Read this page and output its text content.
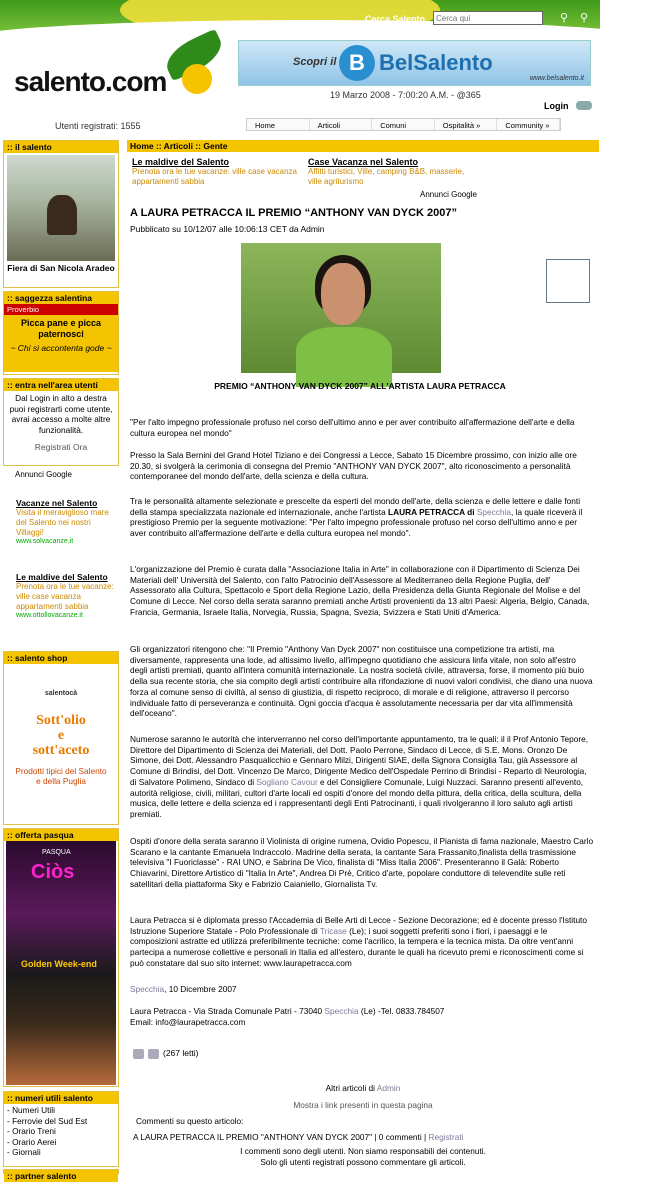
salento.com
Cerca Salento
Cerca qui	⚲ ⚲
Scopri il B BelSalento
www.belsalento.it
19 Marzo 2008 - 7:00:20 A.M. - @365
Login
Utenti registrati: 1555	Home	Articoli	Comuni	Ospitalità »	Community »
:: il salento
Fiera di San Nicola Aradeo
:: saggezza salentina
Proverbio
Picca pane e picca paternosci
~ Chi si accontenta gode ~
:: entra nell'area utenti
Dal Login in alto a destra puoi registrarti come utente, avrai accesso a molte altre funzionalità.
Registrati Ora
Annunci Google
Vacanze nel Salento
Visita il meraviglioso mare del Salento nei nostri Villaggi!
www.solvacanze.it
Le maldive del Salento
Prenota ora le tue vacanze: ville case vacanza appartamenti sabbia
www.ottollovacanze.it
:: salento shop
salentocà
Sott'olio
e
sott'aceto
Prodotti tipici del Salento e della Puglia
:: offerta pasqua
PASQUA
Ciòs
Golden Week-end
:: numeri utili salento
- Numeri Utili
- Ferrovie del Sud Est
- Orario Treni
- Orario Aerei
- Giornali
:: partner salento
Home :: Articoli :: Gente
Le maldive del Salento
Prenota ora le tue vacanze: ville case vacanza appartamenti sabbia
Case Vacanza nel Salento
Affitti turistici, Ville, camping B&B, masserie, ville agriturismo
Annunci Google
A LAURA PETRACCA IL PREMIO “ANTHONY VAN DYCK 2007”
Pubblicato su 10/12/07 alle 10:06:13 CET da Admin
PREMIO “ANTHONY VAN DYCK 2007” ALL'ARTISTA LAURA PETRACCA
"Per l'alto impegno professionale profuso nel corso dell'ultimo anno e per aver contribuito all'affermazione dell'arte e della cultura europea nel mondo"
Presso la Sala Bernini del Grand Hotel Tiziano e dei Congressi a Lecce, Sabato 15 Dicembre prossimo, con inizio alle ore 20.30, si svolgerà la cerimonia di consegna del Premio "ANTHONY VAN DYCK 2007", alto riconoscimento a personalità contemporanee del mondo dell'arte, della scienza e della cultura.
Tra le personalità altamente selezionate e prescelte da esperti del mondo dell'arte, della scienza e delle lettere e dalle fonti della stampa specializzata nazionale ed internazionale, anche l'artista LAURA PETRACCA di Specchia, la quale riceverà il prestigioso Premio per la seguente motivazione: "Per l'alto impegno professionale profuso nel corso dell'ultimo anno e per aver contribuito all'affermazione dell'arte e della cultura europea nel mondo".
L'organizzazione del Premio è curata dalla "Associazione Italia in Arte" in collaborazione con il Dipartimento di Scienza Dei Materiali dell' Università del Salento, con l'alto Patrocinio dell'Assessore al Mediterraneo della Regione Puglia, dell' Assessorato alla Cultura, Spettacolo e Sport della Regione Lazio, della Presidenza della Giunta Regionale del Molise e del Comune di Lecce. Nel corso della serata saranno premiati anche Artisti provenienti da 13 altri Paesi: Algeria, Belgio, Canada, Francia, Germania, Israele Italia, Norvegia, Russia, Spagna, Svezia, Svizzera e Stati Uniti d'America.
Gli organizzatori ritengono che: "Il Premio "Anthony Van Dyck 2007" non costituisce una competizione tra artisti, ma diversamente, rappresenta una lode, ad altissimo livello, all'impegno quotidiano che assicura linfa vitale, non solo all'estro degli artisti premiati, quanto all'intera comunità internazionale. La nostra società civile, attraversa, forse, il momento più buio della sua recente storia, che sia compito degli artisti contribuire alla rifondazione di nuovi valori condivisi, che diano una nuova forza al comune senso di civiltà, al senso di giustizia, di rispetto reciproco, di morale e di religione, attraverso il percorso individuale fatto di perseveranza e continuità. Ogni goccia d'acqua è assolutamente necessaria per dar vita all'immensità dell'oceano".
Numerose saranno le autorità che interverranno nel corso dell'importante appuntamento, tra le quali: il il Prof Antonio Tepore, Direttore del Dipartimento di Scienza dei Materiali, del Dott. Paolo Perrone, Sindaco di Lecce, di S.E. Mons. Oronzo De Simone, dei Dott. Alessandro Pasqualicchio e Gennaro Milzi, Dirigenti SIAE, della Signora Consiglia Tau, già Assessore al Comune di Brindisi, del Dott. Vincenzo De Marco, Dirigente Medico dell'Ospedale Perrino di Brindisi - Reparto di Neurologia, di Salvatore Polimeno, Sindaco di Sogliano Cavour e del Consigliere Comunale, Luigi Nuzzaci. Saranno presenti all'evento, autorità religiose, civili, militari, cultori d'arte locali ed ospiti d'onore del mondo della pittura, della critica, della scultura, della musica, delle lettere e della scienza ed i rappresentanti degli Enti Patrocinanti, i quali rivolgeranno il loro saluto agli artisti premiati.
Ospiti d'onore della serata saranno il Violinista di origine rumena, Ovidio Popescu, il Pianista di fama nazionale, Maestro Carlo Scarano e la cantante Emanuela Indraccolo. Madrine della serata, la cantante Sara Frassanito,finalista della trasmissione televisiva "I Fuoriclasse" - RAI UNO, e Sabrina De Vico, finalista di "Miss Italia 2006". Presenteranno il Galà: Roberto Chiavarini, Direttore Artistico di "Italia In Arte", Andrea Di Prè, Critico d'arte, popolare conduttore di televendite sulle reti satellitari della piattaforma Sky e Fabrizio Caianiello, Giornalista Tv.
Laura Petracca si è diplomata presso l'Accademia di Belle Arti di Lecce - Sezione Decorazione; ed è docente presso l'Istituto Istruzione Superiore Statale - Polo Professionale di Tricase (Le); i suoi soggetti preferiti sono i fiori, i paesaggi e le composizioni astratte ed utilizza preferibilmente tecniche: come l'acrilico, la tempera e la tecnica mista. Da oltre vent'anni partecipa a numerose collettive e personali in Italia ed all'estero, durante le quali ha ricevuto premi e riconoscimenti come si può constatare dal suo sito internet: www.laurapetracca.com
Specchia, 10 Dicembre 2007
Laura Petracca - Via Strada Comunale Patri - 73040 Specchia (Le) -Tel. 0833.784507
Email: info@laurapetracca.com
(267 letti)
Altri articoli di Admin
Mostra i link presenti in questa pagina
Commenti su questo articolo:
A LAURA PETRACCA IL PREMIO "ANTHONY VAN DYCK 2007" | 0 commenti | Registrati
I commenti sono degli utenti. Non siamo responsabili dei contenuti.
Solo gli utenti registrati possono commentare gli articoli.
